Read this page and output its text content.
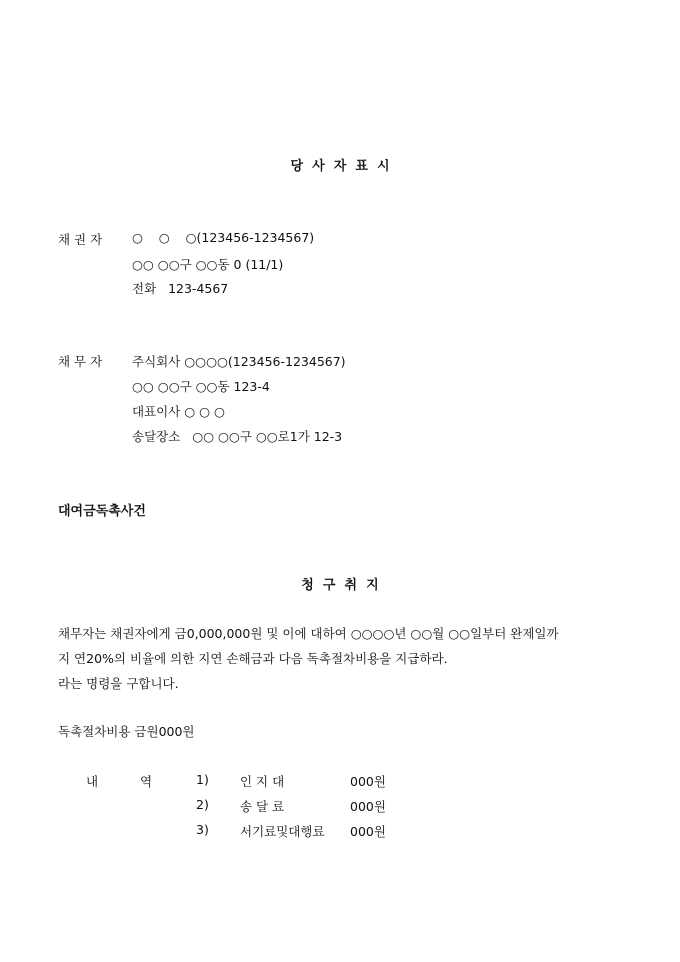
당  사  자  표  시
채 권 자 ○    ○    ○(123456-1234567)
○○ ○○구 ○○동 0 (11/1)
전화   123-4567
채 무 자 주식회사 ○○○○(123456-1234567)
○○ ○○구 ○○동 123-4
대표이사 ○ ○ ○
송달장소   ○○ ○○구 ○○로1가 12-3
대여금독촉사건
청  구  취  지
채무자는 채권자에게 금0,000,000원 및 이에 대하여 ○○○○년 ○○월 ○○일부터 완제일까
지 연20%의 비율에 의한 지연 손해금과 다음 독촉절차비용을 지급하라.
라는 명령을 구합니다.
독촉절차비용 금원000원
내	역	1) 인 지 대	000원
2) 송 달 료	000원
3) 서기료및대행료 000원
